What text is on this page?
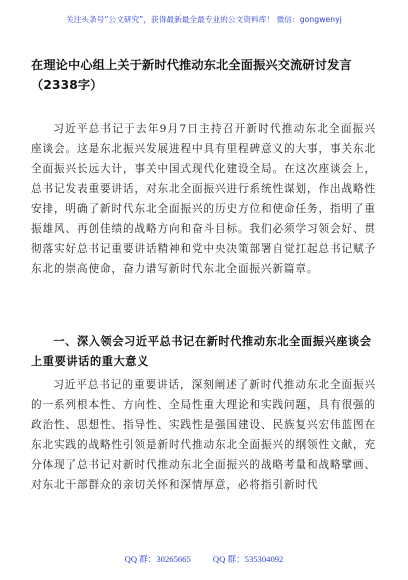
关注头条号“公文研究”，获得最新最全最专业的公文资料库！ 微信：gongwenyj
在理论中心组上关于新时代推动东北全面振兴交流研讨发言（2338字）
习近平总书记于去年9月7日主持召开新时代推动东北全面振兴座谈会。这是东北振兴发展进程中具有里程碑意义的大事，事关东北全面振兴长远大计，事关中国式现代化建设全局。在这次座谈会上，总书记发表重要讲话，对东北全面振兴进行系统性谋划，作出战略性安排，明确了新时代东北全面振兴的历史方位和使命任务，指明了重振雄风、再创佳绩的战略方向和奋斗目标。我们必须学习领会好、贯彻落实好总书记重要讲话精神和党中央决策部署自觉扛起总书记赋予东北的崇高使命，奋力谱写新时代东北全面振兴新篇章。
一、深入领会习近平总书记在新时代推动东北全面振兴座谈会上重要讲话的重大意义
习近平总书记的重要讲话，深刻阐述了新时代推动东北全面振兴的一系列根本性、方向性、全局性重大理论和实践问题，具有很强的政治性、思想性、指导性、实践性是强国建设、民族复兴宏伟蓝图在东北实践的战略性引领是新时代推动东北全面振兴的纲领性文献，充分体现了总书记对新时代推动东北全面振兴的战略考量和战略擘画、对东北干部群众的亲切关怀和深情厚意，必将指引新时代
QQ 群：30265665	QQ 群：535304092
